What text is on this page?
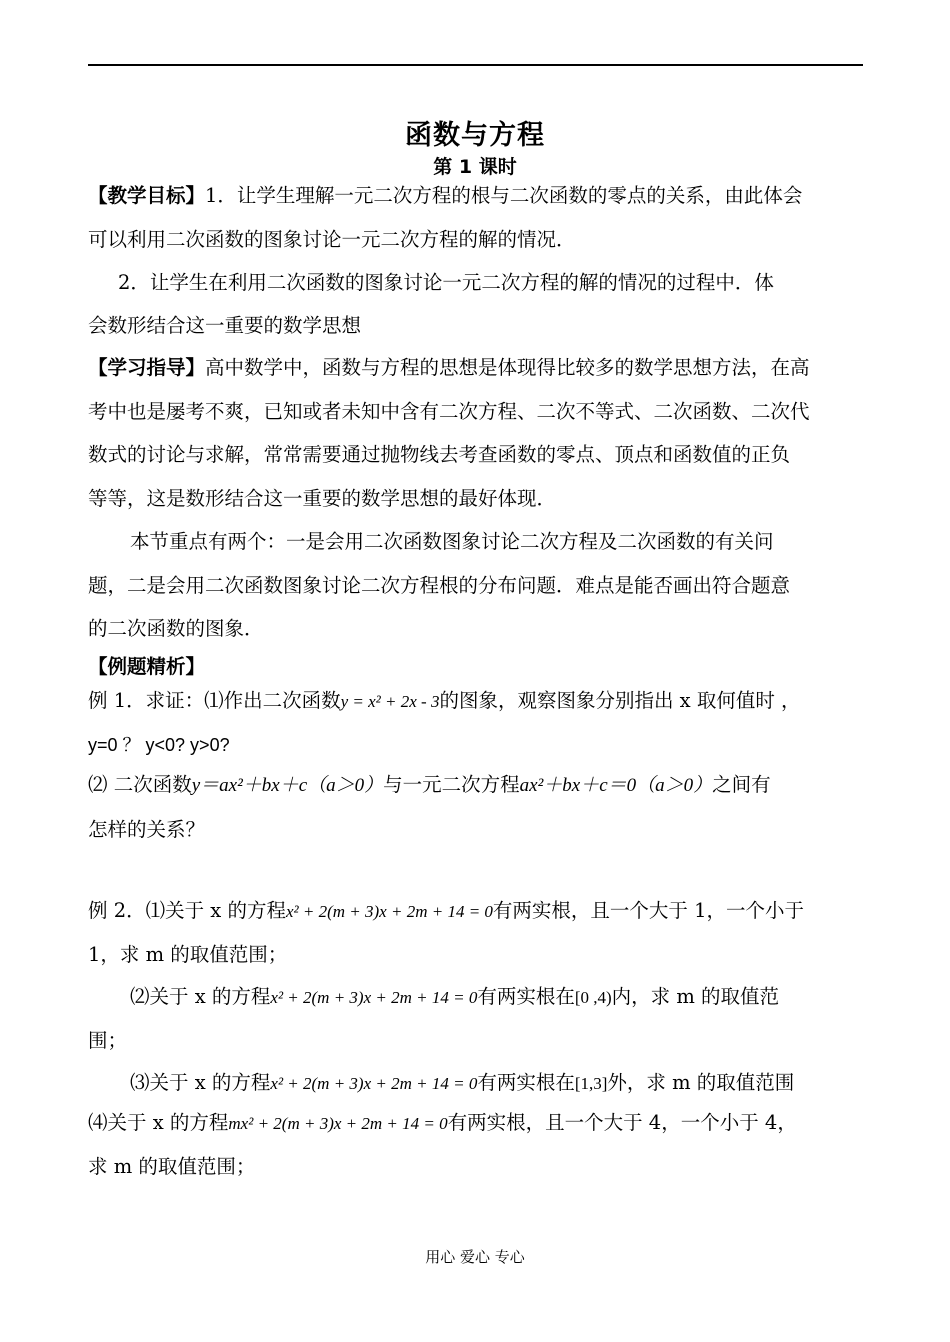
函数与方程
第 1 课时
【教学目标】1．让学生理解一元二次方程的根与二次函数的零点的关系，由此体会
可以利用二次函数的图象讨论一元二次方程的解的情况．
2．让学生在利用二次函数的图象讨论一元二次方程的解的情况的过程中．体
会数形结合这一重要的数学思想
【学习指导】高中数学中，函数与方程的思想是体现得比较多的数学思想方法，在高
考中也是屡考不爽，已知或者未知中含有二次方程、二次不等式、二次函数、二次代
数式的讨论与求解，常常需要通过抛物线去考查函数的零点、顶点和函数值的正负
等等，这是数形结合这一重要的数学思想的最好体现．
本节重点有两个：一是会用二次函数图象讨论二次方程及二次函数的有关问
题，二是会用二次函数图象讨论二次方程根的分布问题．难点是能否画出符合题意
的二次函数的图象．
【例题精析】
例 1．求证：⑴作出二次函数y = x² + 2x - 3的图象，观察图象分别指出 x 取何值时 ，
y=0 ？ y<0? y>0?
⑵ 二次函数y＝ax²＋bx＋c（a＞0）与一元二次方程ax²＋bx＋c＝0（a＞0）之间有
怎样的关系？
例 2．⑴关于 x 的方程x² + 2(m + 3)x + 2m + 14 = 0有两实根，且一个大于 1，一个小于
1，求 m 的取值范围；
⑵关于 x 的方程x² + 2(m + 3)x + 2m + 14 = 0有两实根在[0 ,4)内，求 m 的取值范
围；
⑶关于 x 的方程x² + 2(m + 3)x + 2m + 14 = 0有两实根在[1,3]外，求 m 的取值范围
⑷关于 x 的方程mx² + 2(m + 3)x + 2m + 14 = 0有两实根，且一个大于 4，一个小于 4，
求 m 的取值范围；
用心 爱心 专心
